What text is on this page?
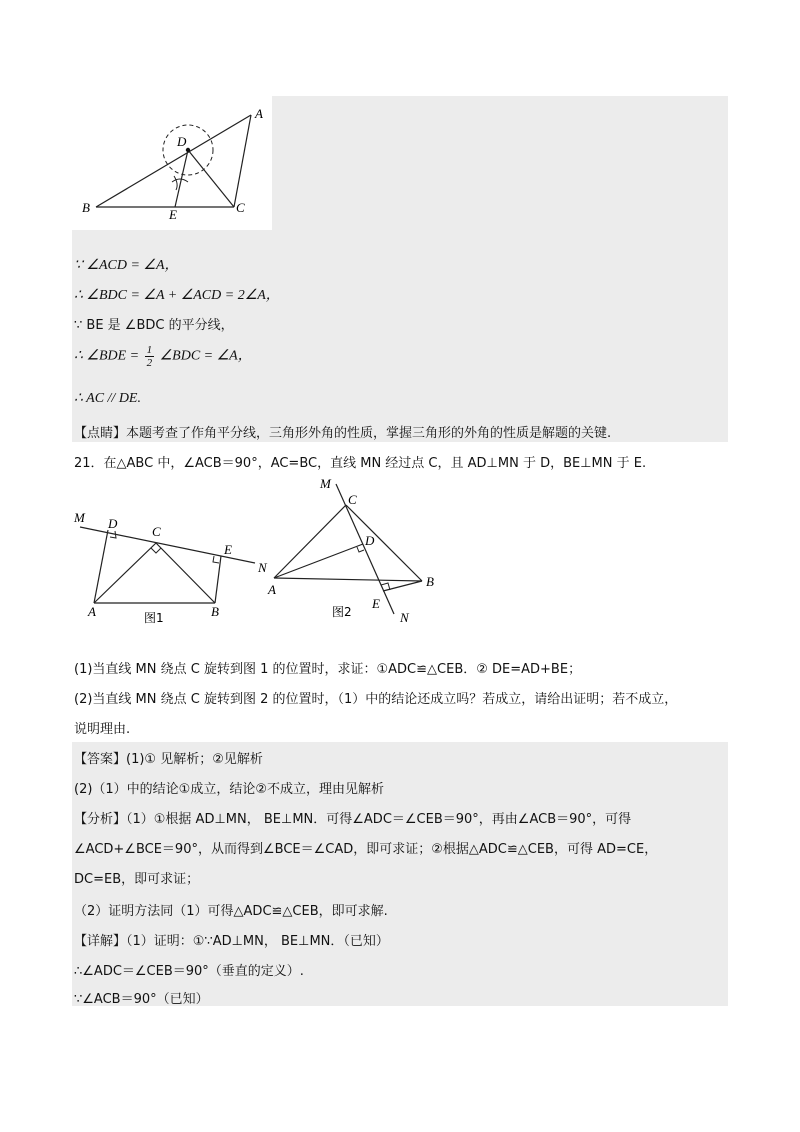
A
B	C
D
E
∵ ∠ACD = ∠A，
∴ ∠BDC = ∠A + ∠ACD = 2∠A，
∵ BE 是 ∠BDC 的平分线，
∴ ∠BDE = $\frac{1}{2}$ ∠BDC = ∠A，
∴ AC // DE.
【点睛】本题考查了作角平分线，三角形外角的性质，掌握三角形的外角的性质是解题的关键.
21．在△ABC 中，∠ACB＝90°，AC=BC，直线 MN 经过点 C，且 AD⊥MN 于 D，BE⊥MN 于 E.
M D
C
E
N
A	B
图1
M
C
D
A
B
E
N
图2
(1)当直线 MN 绕点 C 旋转到图 1 的位置时，求证：①ADC≌△CEB．② DE=AD+BE；
(2)当直线 MN 绕点 C 旋转到图 2 的位置时，（1）中的结论还成立吗？若成立，请给出证明；若不成立，
说明理由.
【答案】(1)① 见解析；②见解析
(2)（1）中的结论①成立，结论②不成立，理由见解析
【分析】（1）①根据 AD⊥MN， BE⊥MN．可得∠ADC＝∠CEB＝90°，再由∠ACB＝90°，可得
∠ACD+∠BCE＝90°，从而得到∠BCE＝∠CAD，即可求证；②根据△ADC≌△CEB，可得 AD=CE，
DC=EB，即可求证；
（2）证明方法同（1）可得△ADC≌△CEB，即可求解.
【详解】（1）证明：①∵AD⊥MN， BE⊥MN．（已知）
∴∠ADC＝∠CEB＝90°（垂直的定义）.
∵∠ACB＝90°（已知）
